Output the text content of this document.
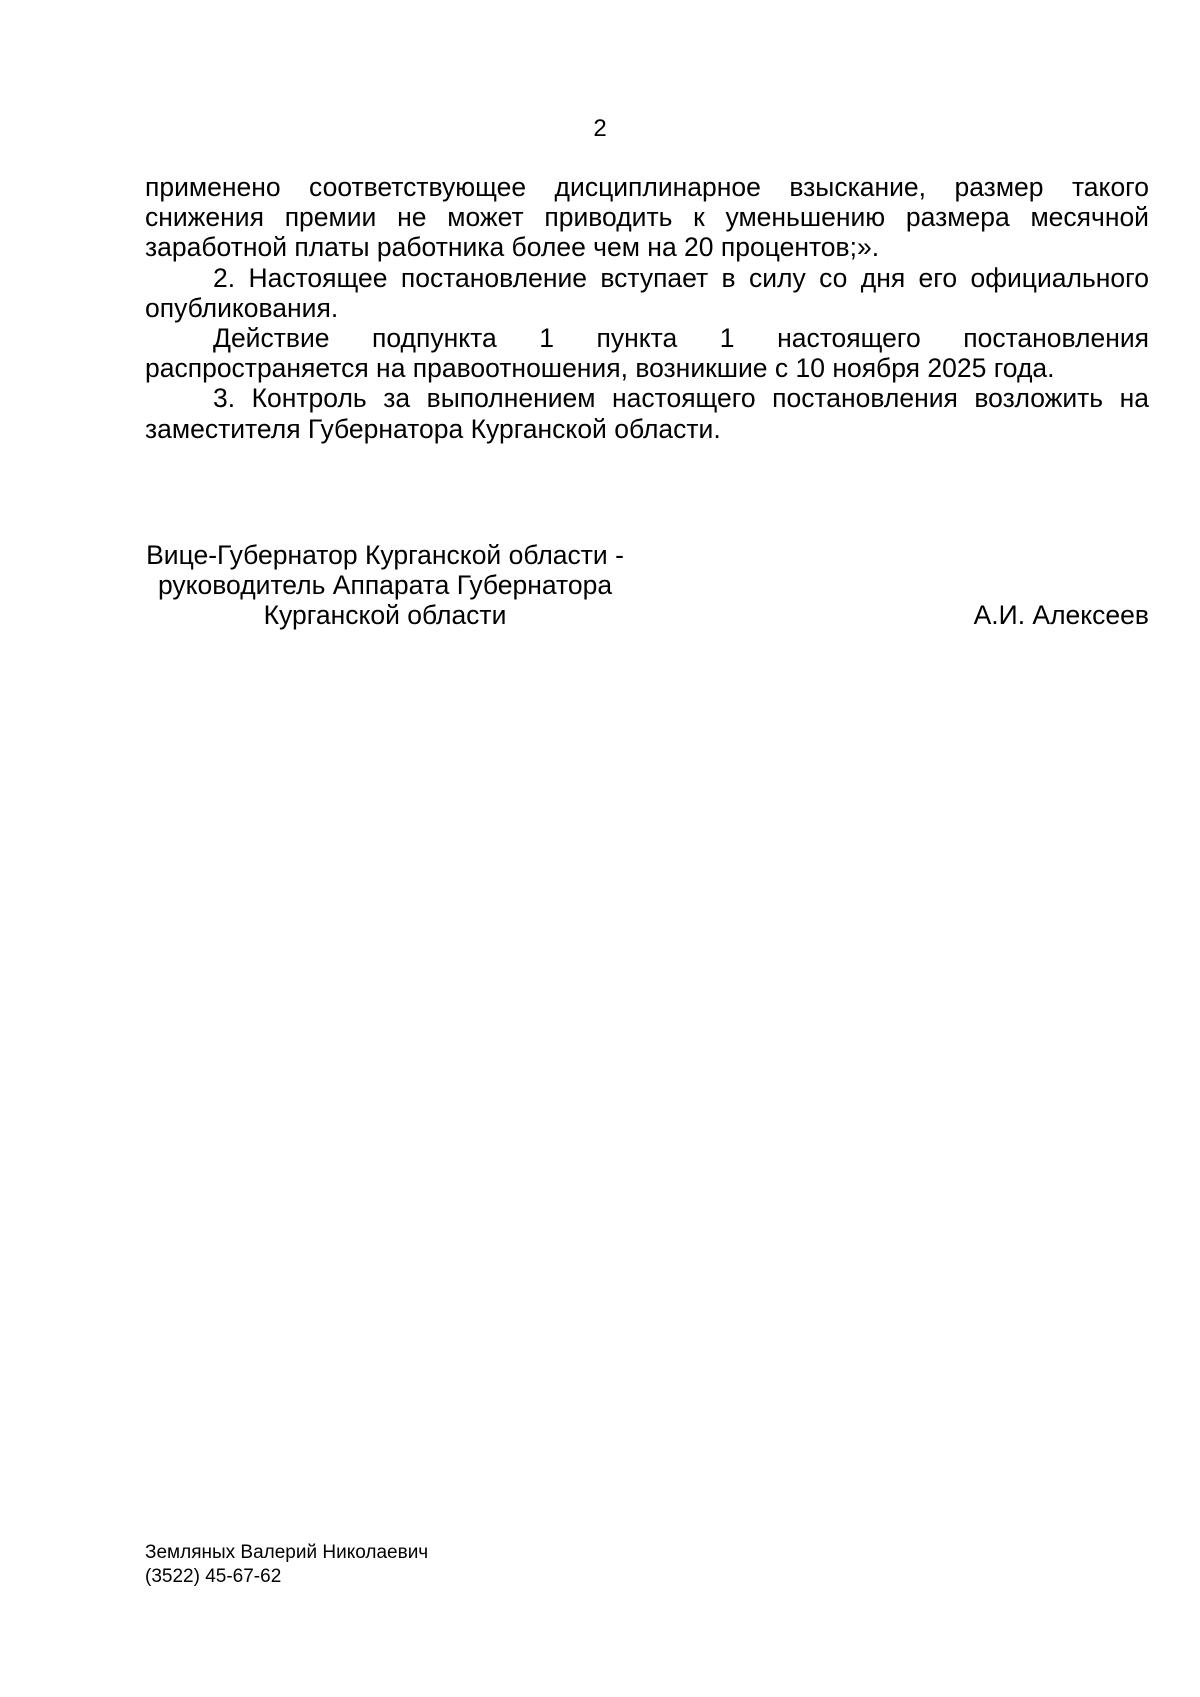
2

применено соответствующее дисциплинарное взыскание, размер такого снижения премии не может приводить к уменьшению размера месячной заработной платы работника более чем на 20 процентов;».

2. Настоящее постановление вступает в силу со дня его официального опубликования.

Действие подпункта 1 пункта 1 настоящего постановления распространяется на правоотношения, возникшие с 10 ноября 2025 года.

3. Контроль за выполнением настоящего постановления возложить на заместителя Губернатора Курганской области.

Вице-Губернатор Курганской области -
руководитель Аппарата Губернатора
Курганской области	А.И. Алексеев
Земляных Валерий Николаевич
(3522) 45-67-62
